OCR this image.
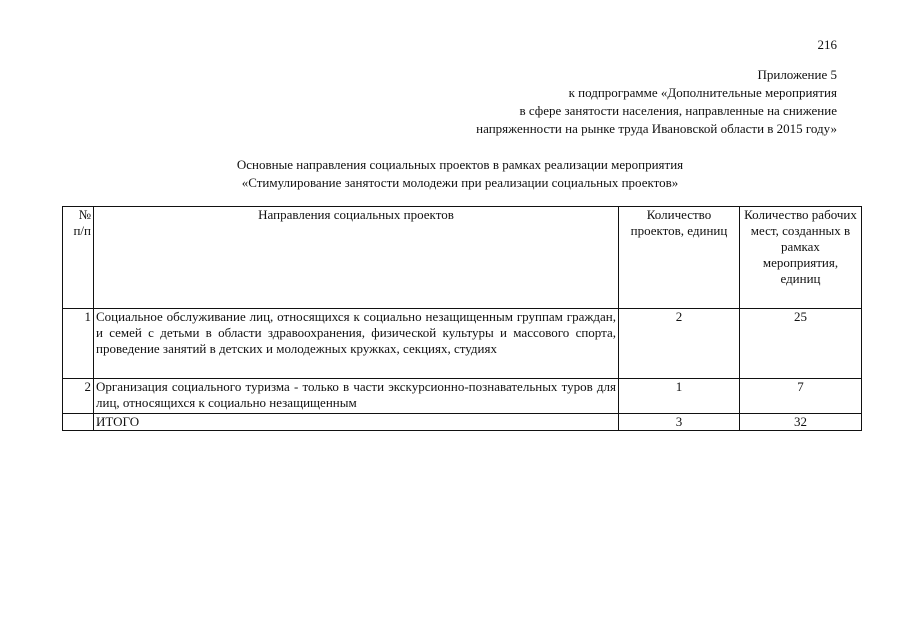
216
Приложение 5
к подпрограмме «Дополнительные мероприятия
в сфере занятости населения, направленные на снижение
напряженности на рынке труда Ивановской области в 2015 году»
Основные направления социальных проектов в рамках реализации мероприятия
«Стимулирование занятости молодежи при реализации социальных проектов»
№ п/п	Направления социальных проектов	Количество проектов, единиц	Количество рабочих мест, созданных в рамках мероприятия, единиц
1	Социальное обслуживание лиц, относящихся к социально незащищенным группам граждан, и семей с детьми в области здравоохранения, физической культуры и массового спорта, проведение занятий в детских и молодежных кружках, секциях, студиях	2	25
2	Организация социального туризма - только в части экскурсионно-познавательных туров для лиц, относящихся к социально незащищенным	1	7
	ИТОГО	3	32
